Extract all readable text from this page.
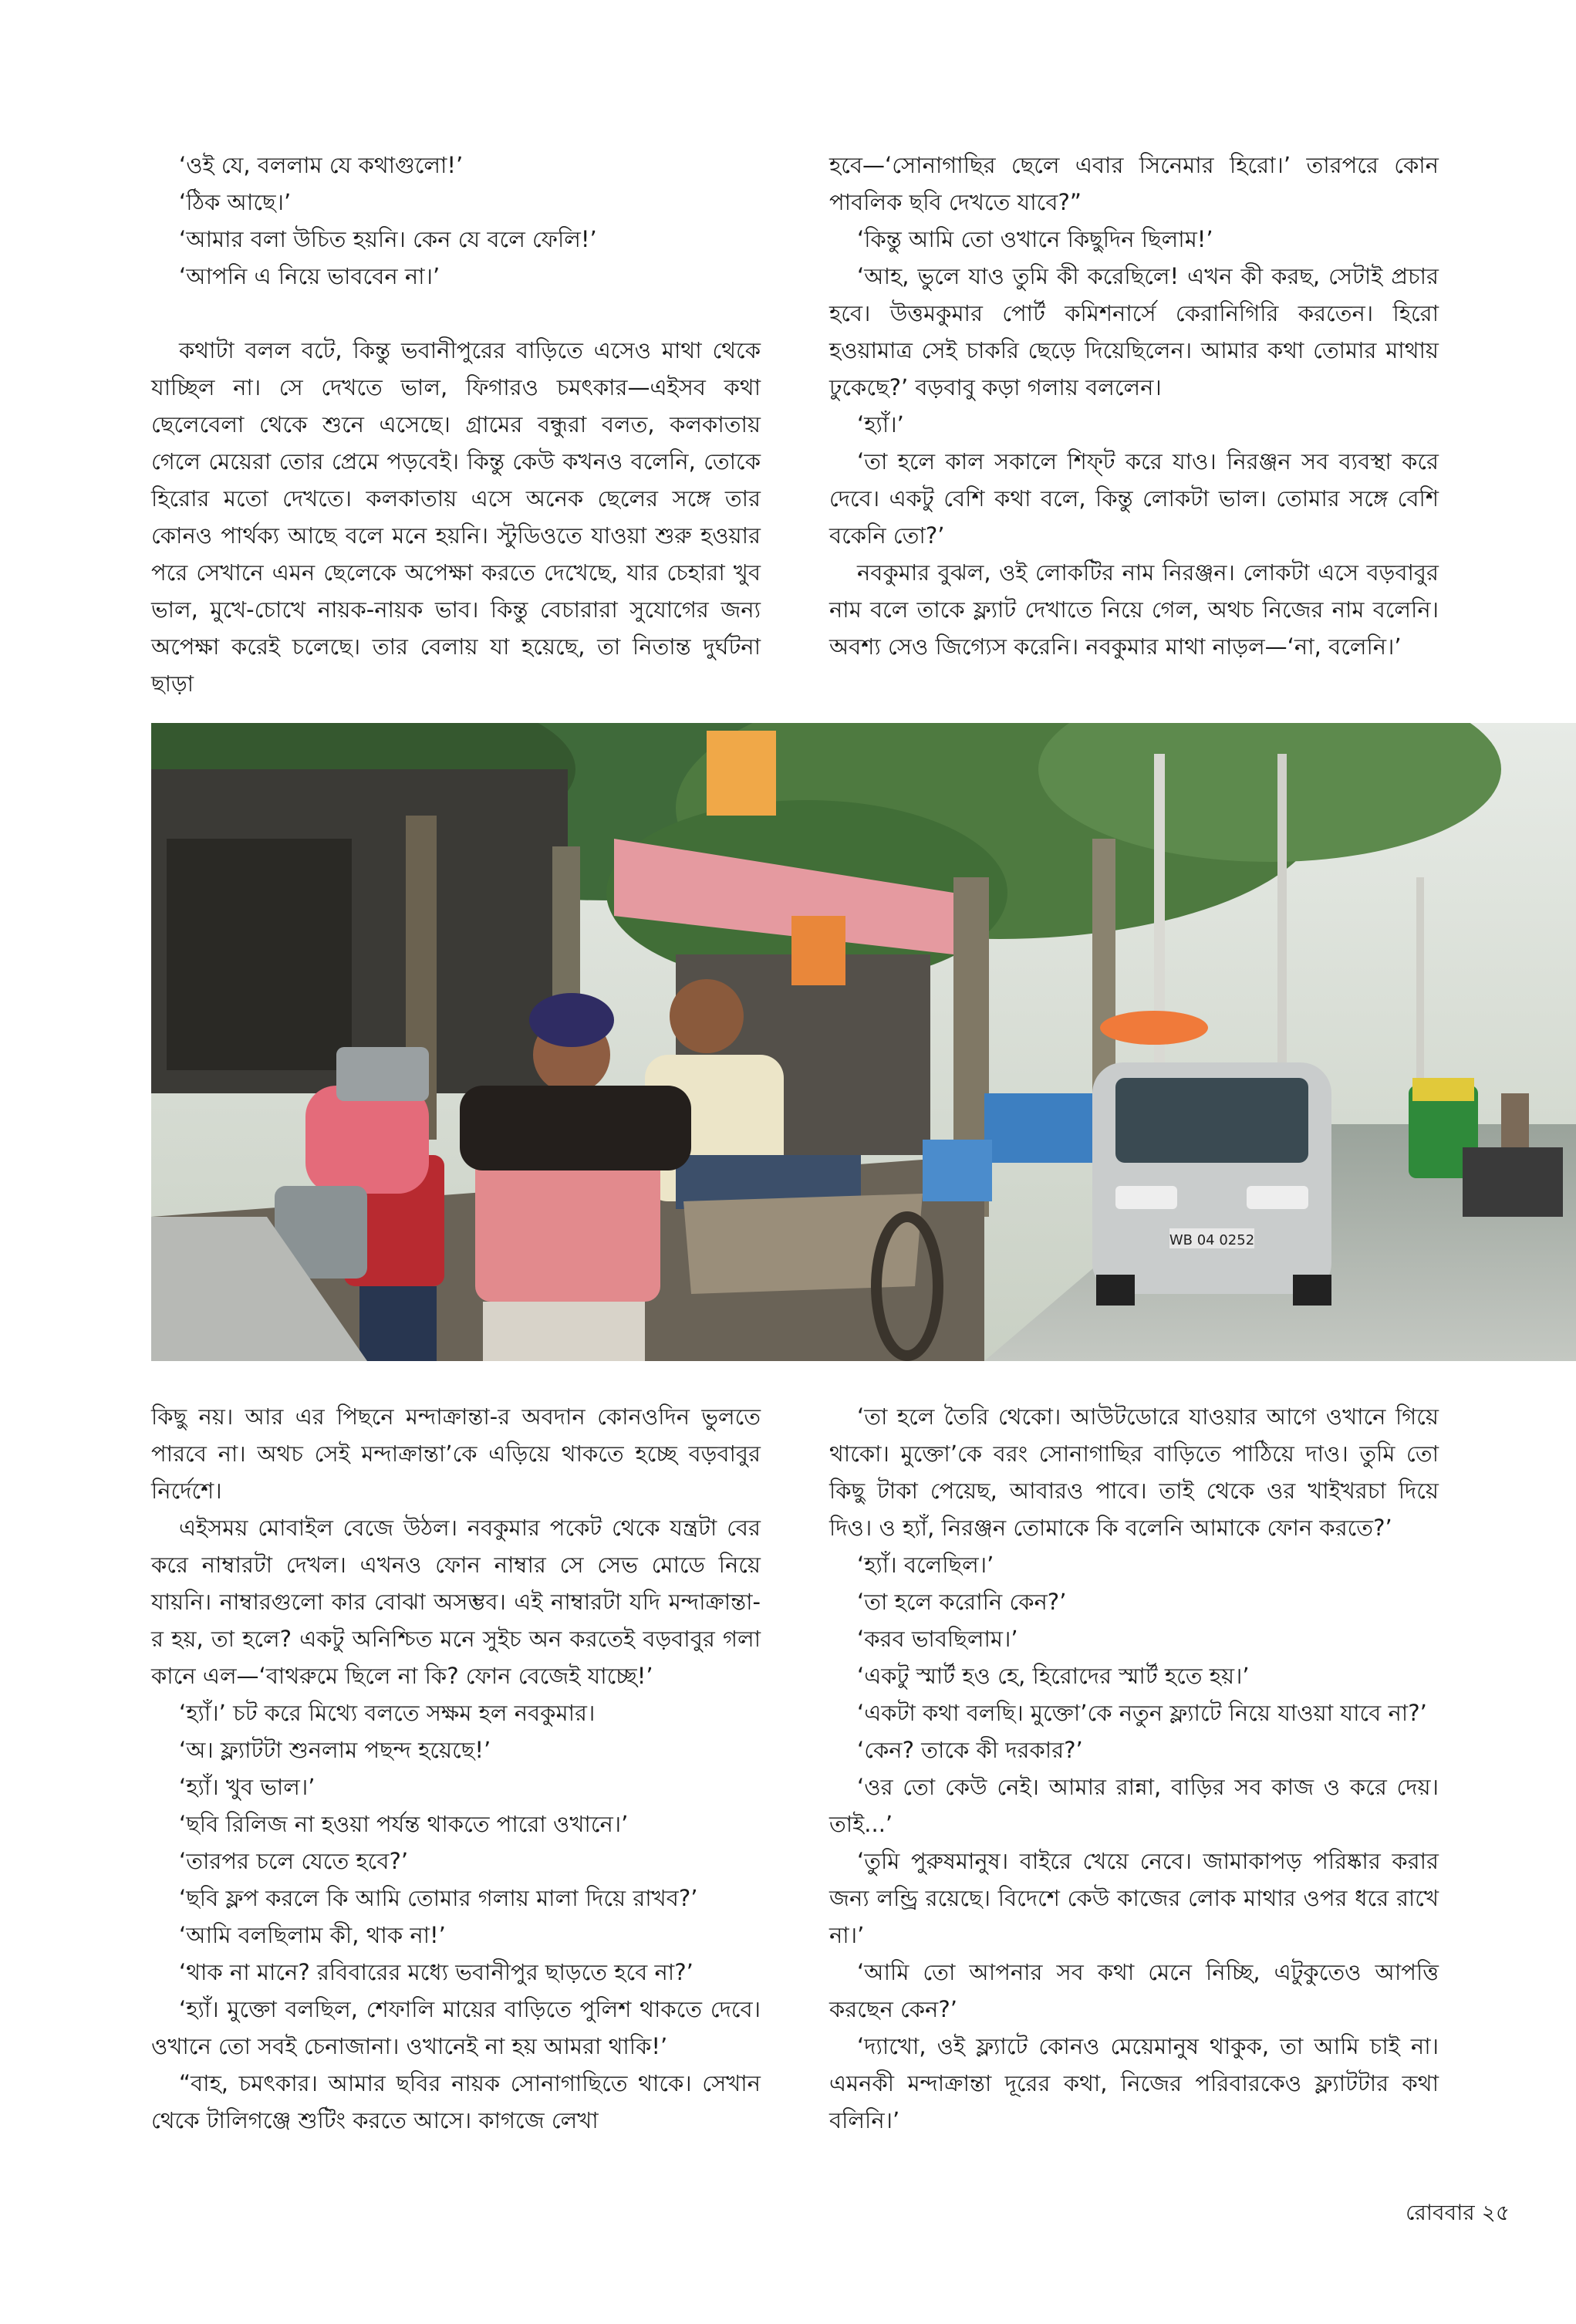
‘ওই যে, বললাম যে কথাগুলো!’

‘ঠিক আছে।’

‘আমার বলা উচিত হয়নি। কেন যে বলে ফেলি!’

‘আপনি এ নিয়ে ভাববেন না।’

কথাটা বলল বটে, কিন্তু ভবানীপুরের বাড়িতে এসেও মাথা থেকে যাচ্ছিল না। সে দেখতে ভাল, ফিগারও চমৎকার—এইসব কথা ছেলেবেলা থেকে শুনে এসেছে। গ্রামের বন্ধুরা বলত, কলকাতায় গেলে মেয়েরা তোর প্রেমে পড়বেই। কিন্তু কেউ কখনও বলেনি, তোকে হিরোর মতো দেখতে। কলকাতায় এসে অনেক ছেলের সঙ্গে তার কোনও পার্থক্য আছে বলে মনে হয়নি। স্টুডিওতে যাওয়া শুরু হওয়ার পরে সেখানে এমন ছেলেকে অপেক্ষা করতে দেখেছে, যার চেহারা খুব ভাল, মুখে-চোখে নায়ক-নায়ক ভাব। কিন্তু বেচারারা সুযোগের জন্য অপেক্ষা করেই চলেছে। তার বেলায় যা হয়েছে, তা নিতান্ত দুর্ঘটনা ছাড়া

হবে—‘সোনাগাছির ছেলে এবার সিনেমার হিরো।’ তারপরে কোন পাবলিক ছবি দেখতে যাবে?”

‘কিন্তু আমি তো ওখানে কিছুদিন ছিলাম!’

‘আহ, ভুলে যাও তুমি কী করেছিলে! এখন কী করছ, সেটাই প্রচার হবে। উত্তমকুমার পোর্ট কমিশনার্সে কেরানিগিরি করতেন। হিরো হওয়ামাত্র সেই চাকরি ছেড়ে দিয়েছিলেন। আমার কথা তোমার মাথায় ঢুকেছে?’ বড়বাবু কড়া গলায় বললেন।

‘হ্যাঁ।’

‘তা হলে কাল সকালে শিফ্‌ট করে যাও। নিরঞ্জন সব ব্যবস্থা করে দেবে। একটু বেশি কথা বলে, কিন্তু লোকটা ভাল। তোমার সঙ্গে বেশি বকেনি তো?’

নবকুমার বুঝল, ওই লোকটির নাম নিরঞ্জন। লোকটা এসে বড়বাবুর নাম বলে তাকে ফ্ল্যাট দেখাতে নিয়ে গেল, অথচ নিজের নাম বলেনি। অবশ্য সেও জিগ্যেস করেনি। নবকুমার মাথা নাড়ল—‘না, বলেনি।’

WB 04 0252

কিছু নয়। আর এর পিছনে মন্দাক্রান্তা-র অবদান কোনওদিন ভুলতে পারবে না। অথচ সেই মন্দাক্রান্তা’কে এড়িয়ে থাকতে হচ্ছে বড়বাবুর নির্দেশে।

এইসময় মোবাইল বেজে উঠল। নবকুমার পকেট থেকে যন্ত্রটা বের করে নাম্বারটা দেখল। এখনও ফোন নাম্বার সে সেভ মোডে নিয়ে যায়নি। নাম্বারগুলো কার বোঝা অসম্ভব। এই নাম্বারটা যদি মন্দাক্রান্তা-র হয়, তা হলে? একটু অনিশ্চিত মনে সুইচ অন করতেই বড়বাবুর গলা কানে এল—‘বাথরুমে ছিলে না কি? ফোন বেজেই যাচ্ছে!’

‘হ্যাঁ।’ চট করে মিথ্যে বলতে সক্ষম হল নবকুমার।

‘অ। ফ্ল্যাটটা শুনলাম পছন্দ হয়েছে!’

‘হ্যাঁ। খুব ভাল।’

‘ছবি রিলিজ না হওয়া পর্যন্ত থাকতে পারো ওখানে।’

‘তারপর চলে যেতে হবে?’

‘ছবি ফ্লপ করলে কি আমি তোমার গলায় মালা দিয়ে রাখব?’

‘আমি বলছিলাম কী, থাক না!’

‘থাক না মানে? রবিবারের মধ্যে ভবানীপুর ছাড়তে হবে না?’

‘হ্যাঁ। মুক্তো বলছিল, শেফালি মায়ের বাড়িতে পুলিশ থাকতে দেবে। ওখানে তো সবই চেনাজানা। ওখানেই না হয় আমরা থাকি!’

“বাহ, চমৎকার। আমার ছবির নায়ক সোনাগাছিতে থাকে। সেখান থেকে টালিগঞ্জে শুটিং করতে আসে। কাগজে লেখা

‘তা হলে তৈরি থেকো। আউটডোরে যাওয়ার আগে ওখানে গিয়ে থাকো। মুক্তো’কে বরং সোনাগাছির বাড়িতে পাঠিয়ে দাও। তুমি তো কিছু টাকা পেয়েছ, আবারও পাবে। তাই থেকে ওর খাইখরচা দিয়ে দিও। ও হ্যাঁ, নিরঞ্জন তোমাকে কি বলেনি আমাকে ফোন করতে?’

‘হ্যাঁ। বলেছিল।’

‘তা হলে করোনি কেন?’

‘করব ভাবছিলাম।’

‘একটু স্মার্ট হও হে, হিরোদের স্মার্ট হতে হয়।’

‘একটা কথা বলছি। মুক্তো’কে নতুন ফ্ল্যাটে নিয়ে যাওয়া যাবে না?’

‘কেন? তাকে কী দরকার?’

‘ওর তো কেউ নেই। আমার রান্না, বাড়ির সব কাজ ও করে দেয়। তাই...’

‘তুমি পুরুষমানুষ। বাইরে খেয়ে নেবে। জামাকাপড় পরিষ্কার করার জন্য লন্ড্রি রয়েছে। বিদেশে কেউ কাজের লোক মাথার ওপর ধরে রাখে না।’

‘আমি তো আপনার সব কথা মেনে নিচ্ছি, এটুকুতেও আপত্তি করছেন কেন?’

‘দ্যাখো, ওই ফ্ল্যাটে কোনও মেয়েমানুষ থাকুক, তা আমি চাই না। এমনকী মন্দাক্রান্তা দূরের কথা, নিজের পরিবারকেও ফ্ল্যাটটার কথা বলিনি।’

রোববার ২৫
